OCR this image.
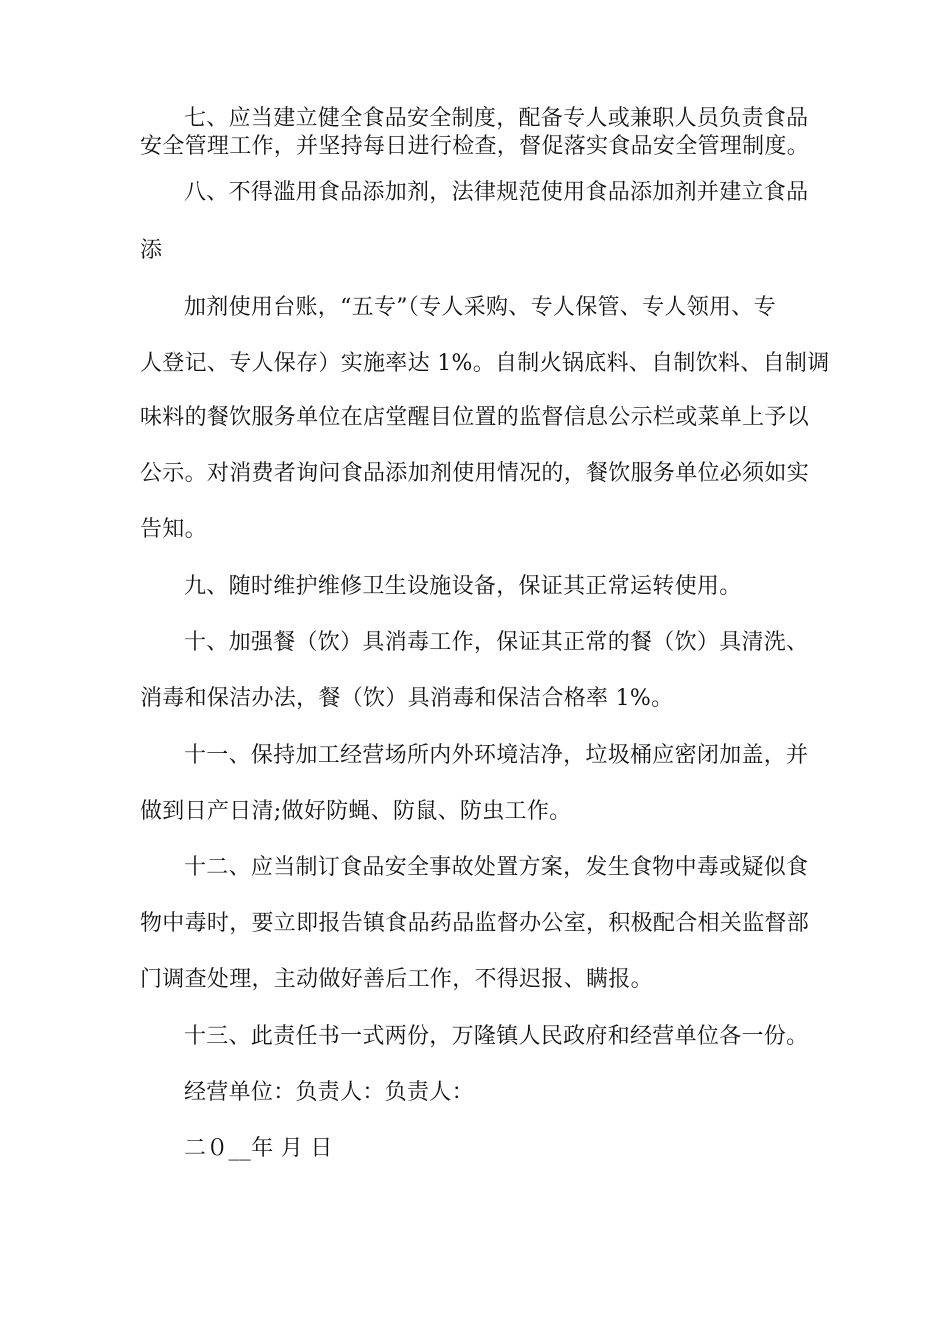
七、应当建立健全食品安全制度，配备专人或兼职人员负责食品
安全管理工作，并坚持每日进行检查，督促落实食品安全管理制度。
八、不得滥用食品添加剂，法律规范使用食品添加剂并建立食品
添
加剂使用台账，“五专”（专人采购、专人保管、专人领用、专
人登记、专人保存）实施率达 1%。自制火锅底料、自制饮料、自制调
味料的餐饮服务单位在店堂醒目位置的监督信息公示栏或菜单上予以
公示。对消费者询问食品添加剂使用情况的，餐饮服务单位必须如实
告知。
九、随时维护维修卫生设施设备，保证其正常运转使用。
十、加强餐（饮）具消毒工作，保证其正常的餐（饮）具清洗、
消毒和保洁办法，餐（饮）具消毒和保洁合格率 1%。
十一、保持加工经营场所内外环境洁净，垃圾桶应密闭加盖，并
做到日产日清;做好防蝇、防鼠、防虫工作。
十二、应当制订食品安全事故处置方案，发生食物中毒或疑似食
物中毒时，要立即报告镇食品药品监督办公室，积极配合相关监督部
门调查处理，主动做好善后工作，不得迟报、瞒报。
十三、此责任书一式两份，万隆镇人民政府和经营单位各一份。
经营单位：负责人：负责人：
二０__年 月 日
